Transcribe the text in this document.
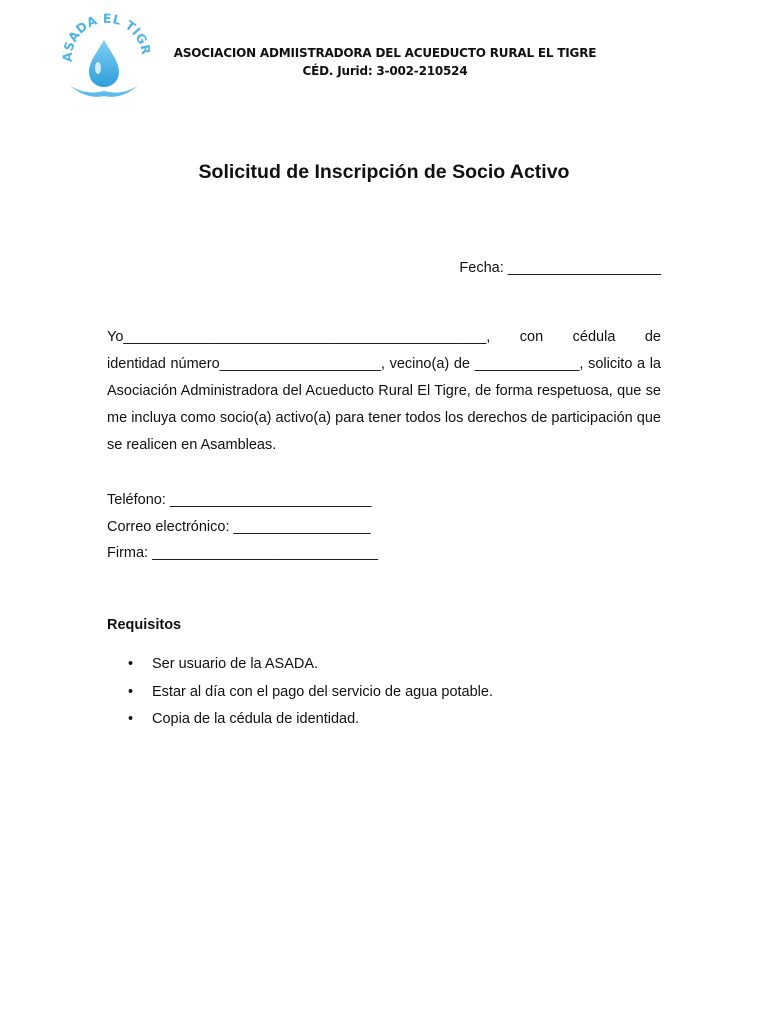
ASADA EL TIG
ASOCIACION ADMIISTRADORA DEL ACUEDUCTO RURAL EL TIGRE
CÉD. Jurid: 3-002-210524
Solicitud de Inscripción de Socio Activo
Fecha: ___________________
Yo_____________________________________________, con cédula de

identidad número____________________, vecino(a) de _____________, solicito a la Asociación Administradora del Acueducto Rural El Tigre, de forma respetuosa, que se me incluya como socio(a) activo(a) para tener todos los derechos de participación que se realicen en Asambleas.

Teléfono: _________________________
Correo electrónico: _________________
Firma: ____________________________
Requisitos
• Ser usuario de la ASADA.
• Estar al día con el pago del servicio de agua potable.
• Copia de la cédula de identidad.
